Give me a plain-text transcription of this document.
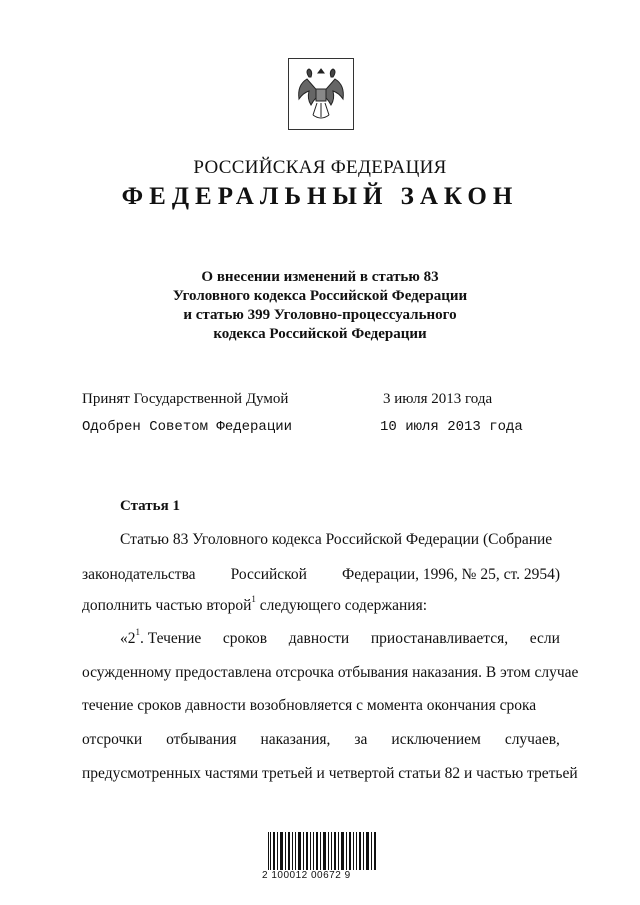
РОССИЙСКАЯ ФЕДЕРАЦИЯ
ФЕДЕРАЛЬНЫЙ ЗАКОН
О внесении изменений в статью 83
Уголовного кодекса Российской Федерации
и статью 399 Уголовно-процессуального
кодекса Российской Федерации
Принят Государственной Думой	3 июля 2013 года
Одобрен Советом Федерации	10 июля 2013 года
Статья 1
Статью 83 Уголовного кодекса Российской Федерации (Собрание
законодательства Российской Федерации, 1996, № 25, ст. 2954)
дополнить частью второй$^1$ следующего содержания:
«$2^1$. Течение сроков давности приостанавливается, если
осужденному предоставлена отсрочка отбывания наказания. В этом случае
течение сроков давности возобновляется с момента окончания срока
отсрочки отбывания наказания, за исключением случаев,
предусмотренных частями третьей и четвертой статьи 82 и частью третьей
2 100012 00672 9
